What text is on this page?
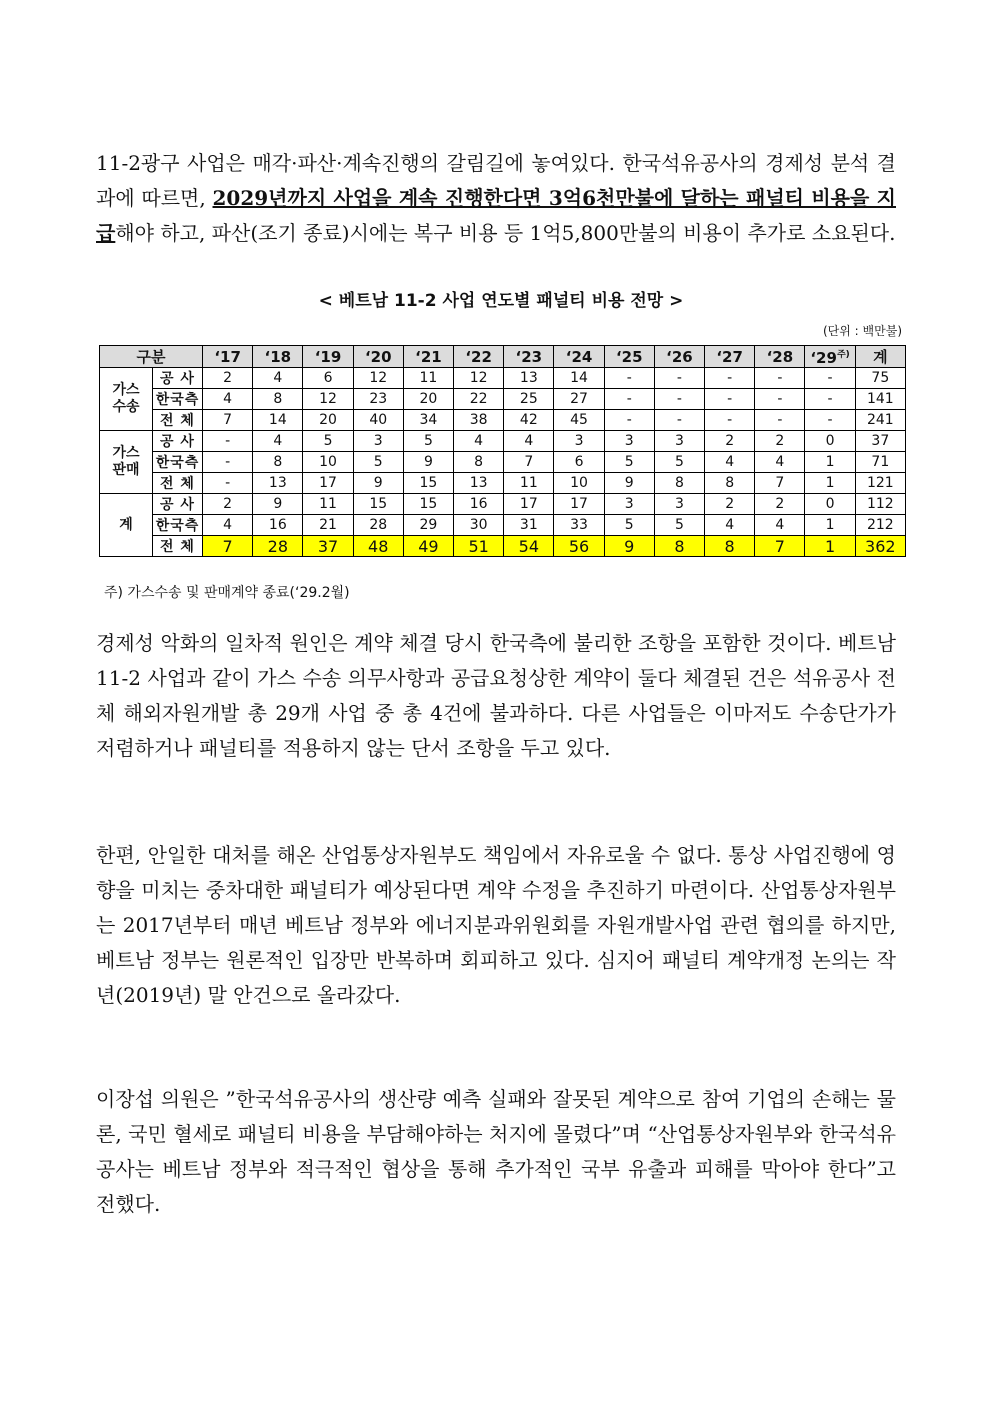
11-2광구 사업은 매각·파산·계속진행의 갈림길에 놓여있다. 한국석유공사의 경제성 분석 결과에 따르면, 2029년까지 사업을 계속 진행한다면 3억6천만불에 달하는 패널티 비용을 지급해야 하고, 파산(조기 종료)시에는 복구 비용 등 1억5,800만불의 비용이 추가로 소요된다.

< 베트남 11-2 사업 연도별 패널티 비용 전망 >
(단위 : 백만불)
구분		‘17	‘18	‘19	‘20	‘21	‘22	‘23	‘24	‘25	‘26	‘27	‘28	‘29$^{주)}$	계
가스
수송	공 사	2	4	6	12	11	12	13	14	-	-	-	-	-	75
	한국측	4	8	12	23	20	22	25	27	-	-	-	-	-	141
	전 체	7	14	20	40	34	38	42	45	-	-	-	-	-	241
가스
판매	공 사	-	4	5	3	5	4	4	3	3	3	2	2	0	37
	한국측	-	8	10	5	9	8	7	6	5	5	4	4	1	71
	전 체	-	13	17	9	15	13	11	10	9	8	8	7	1	121
계	공 사	2	9	11	15	15	16	17	17	3	3	2	2	0	112
	한국측	4	16	21	28	29	30	31	33	5	5	4	4	1	212
	전 체	7	28	37	48	49	51	54	56	9	8	8	7	1	362
주) 가스수송 및 판매계약 종료(‘29.2월)

경제성 악화의 일차적 원인은 계약 체결 당시 한국측에 불리한 조항을 포함한 것이다. 베트남 11-2 사업과 같이 가스 수송 의무사항과 공급요청상한 계약이 둘다 체결된 건은 석유공사 전체 해외자원개발 총 29개 사업 중 총 4건에 불과하다. 다른 사업들은 이마저도 수송단가가 저렴하거나 패널티를 적용하지 않는 단서 조항을 두고 있다.

한편, 안일한 대처를 해온 산업통상자원부도 책임에서 자유로울 수 없다. 통상 사업진행에 영향을 미치는 중차대한 패널티가 예상된다면 계약 수정을 추진하기 마련이다. 산업통상자원부는 2017년부터 매년 베트남 정부와 에너지분과위원회를 자원개발사업 관련 협의를 하지만, 베트남 정부는 원론적인 입장만 반복하며 회피하고 있다. 심지어 패널티 계약개정 논의는 작년(2019년) 말 안건으로 올라갔다.

이장섭 의원은 ”한국석유공사의 생산량 예측 실패와 잘못된 계약으로 참여 기업의 손해는 물론, 국민 혈세로 패널티 비용을 부담해야하는 처지에 몰렸다”며 “산업통상자원부와 한국석유공사는 베트남 정부와 적극적인 협상을 통해 추가적인 국부 유출과 피해를 막아야 한다”고 전했다.
